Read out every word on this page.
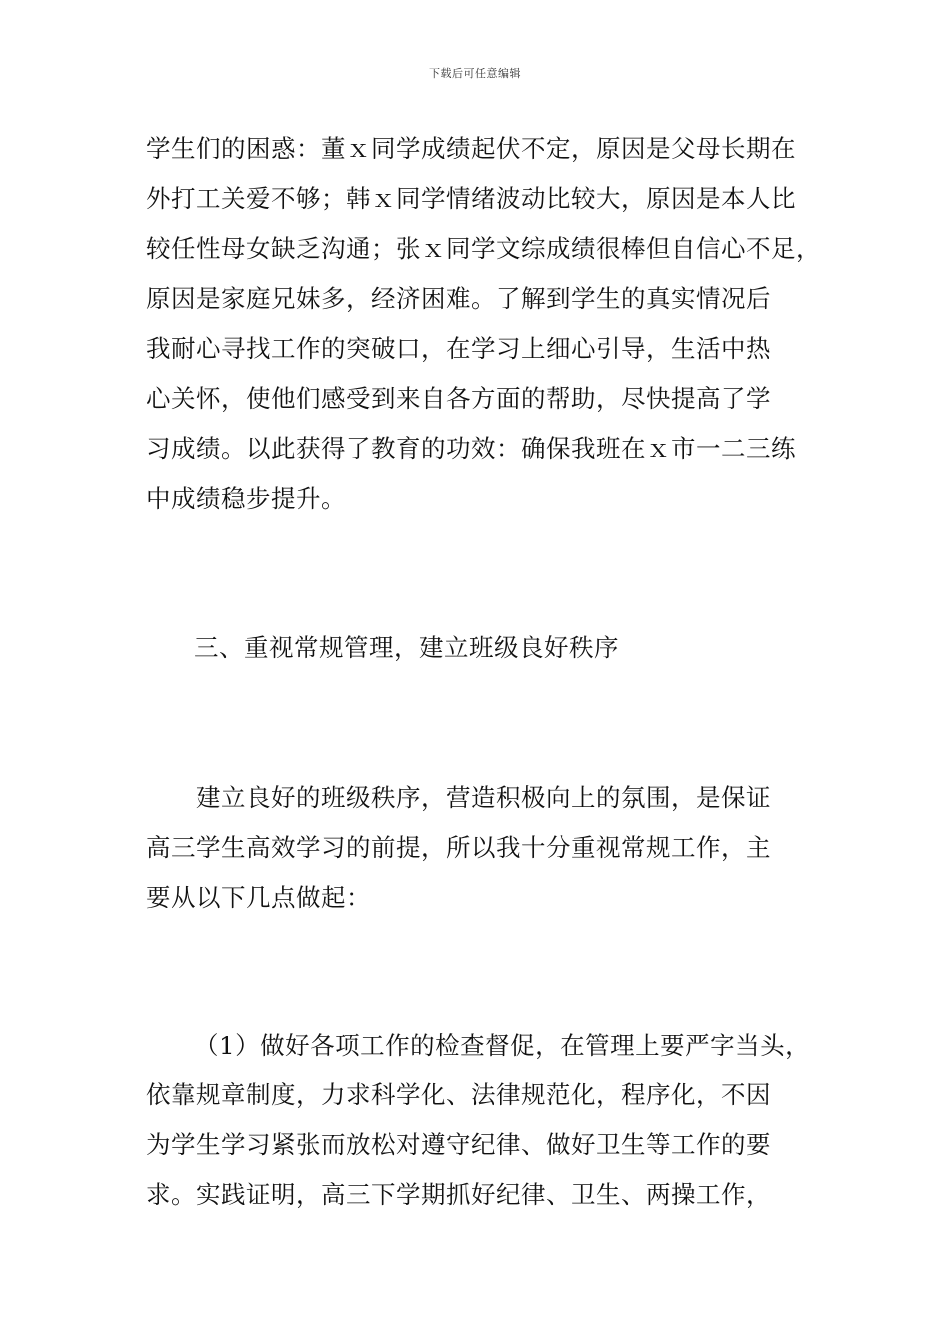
下载后可任意编辑
学生们的困惑：董ｘ同学成绩起伏不定，原因是父母长期在
外打工关爱不够；韩ｘ同学情绪波动比较大，原因是本人比
较任性母女缺乏沟通；张ｘ同学文综成绩很棒但自信心不足，
原因是家庭兄妹多，经济困难。了解到学生的真实情况后
我耐心寻找工作的突破口，在学习上细心引导，生活中热
心关怀，使他们感受到来自各方面的帮助，尽快提高了学
习成绩。以此获得了教育的功效：确保我班在ｘ市一二三练
中成绩稳步提升。
三、重视常规管理，建立班级良好秩序
建立良好的班级秩序，营造积极向上的氛围，是保证
高三学生高效学习的前提，所以我十分重视常规工作，主
要从以下几点做起：
（1）做好各项工作的检查督促，在管理上要严字当头，
依靠规章制度，力求科学化、法律规范化，程序化，不因
为学生学习紧张而放松对遵守纪律、做好卫生等工作的要
求。实践证明，高三下学期抓好纪律、卫生、两操工作，
